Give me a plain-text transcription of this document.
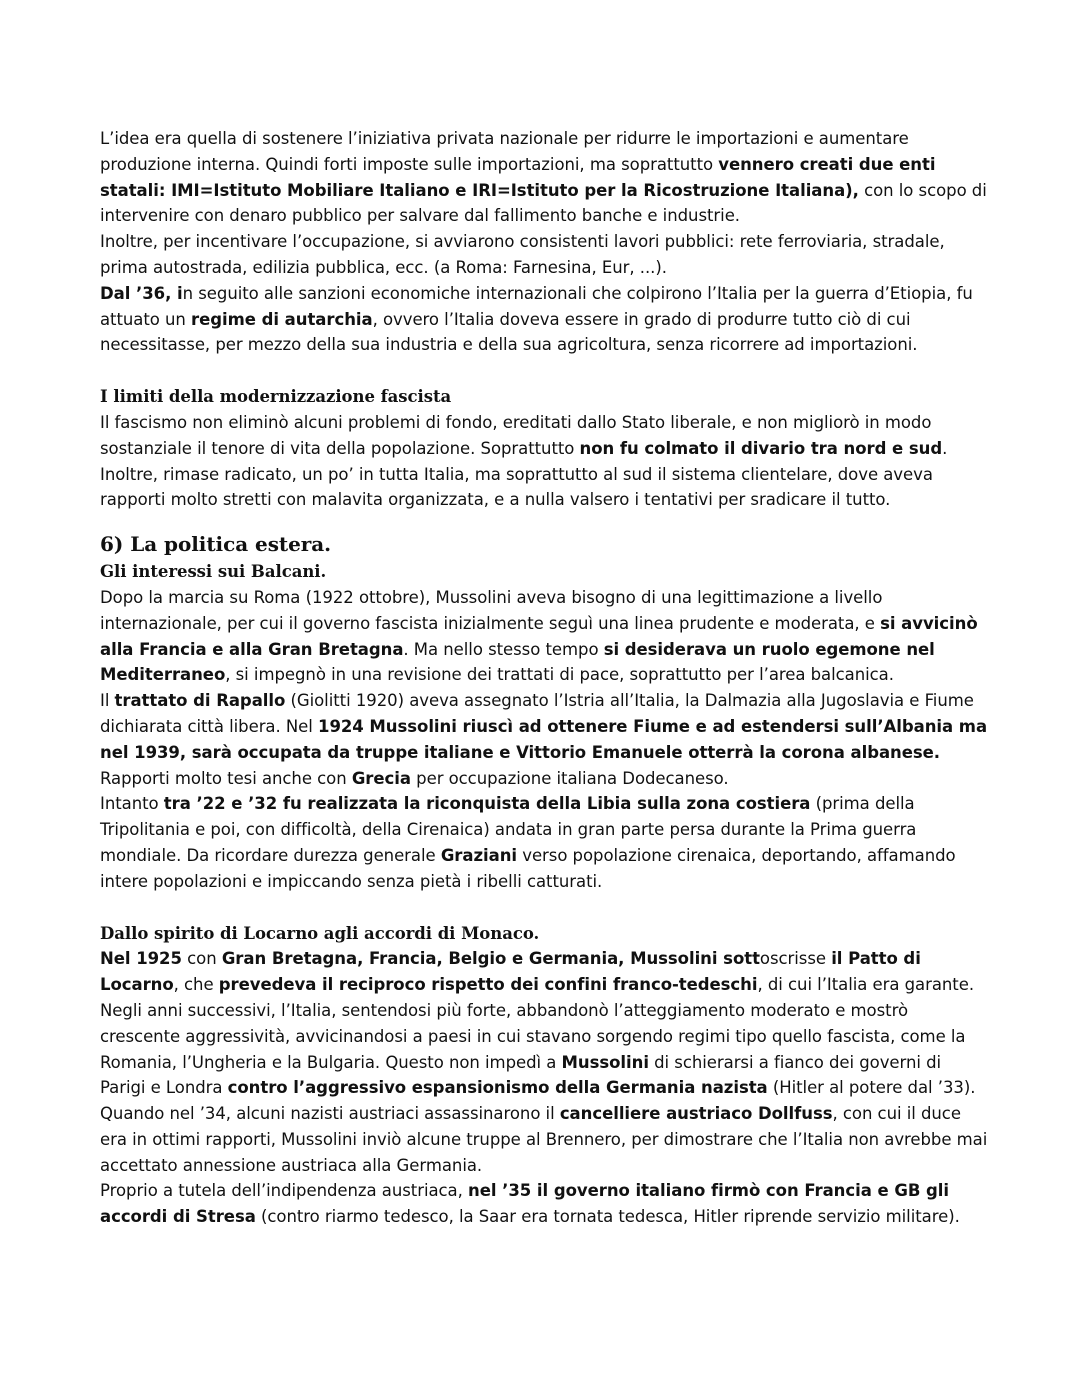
L’idea era quella di sostenere l’iniziativa privata nazionale per ridurre le importazioni e aumentare produzione interna. Quindi forti imposte sulle importazioni, ma soprattutto vennero creati due enti statali: IMI=Istituto Mobiliare Italiano e IRI=Istituto per la Ricostruzione Italiana), con lo scopo di intervenire con denaro pubblico per salvare dal fallimento banche e industrie.

Inoltre, per incentivare l’occupazione, si avviarono consistenti lavori pubblici: rete ferroviaria, stradale, prima autostrada, edilizia pubblica, ecc. (a Roma: Farnesina, Eur, ...).

Dal ’36, in seguito alle sanzioni economiche internazionali che colpirono l’Italia per la guerra d’Etiopia, fu attuato un regime di autarchia, ovvero l’Italia doveva essere in grado di produrre tutto ciò di cui necessitasse, per mezzo della sua industria e della sua agricoltura, senza ricorrere ad importazioni.

I limiti della modernizzazione fascista

Il fascismo non eliminò alcuni problemi di fondo, ereditati dallo Stato liberale, e non migliorò in modo sostanziale il tenore di vita della popolazione. Soprattutto non fu colmato il divario tra nord e sud.

Inoltre, rimase radicato, un po’ in tutta Italia, ma soprattutto al sud il sistema clientelare, dove aveva rapporti molto stretti con malavita organizzata, e a nulla valsero i tentativi per sradicare il tutto.

6) La politica estera.

Gli interessi sui Balcani.

Dopo la marcia su Roma (1922 ottobre), Mussolini aveva bisogno di una legittimazione a livello internazionale, per cui il governo fascista inizialmente seguì una linea prudente e moderata, e si avvicinò alla Francia e alla Gran Bretagna. Ma nello stesso tempo si desiderava un ruolo egemone nel Mediterraneo, si impegnò in una revisione dei trattati di pace, soprattutto per l’area balcanica.

Il trattato di Rapallo (Giolitti 1920) aveva assegnato l’Istria all’Italia, la Dalmazia alla Jugoslavia e Fiume dichiarata città libera. Nel 1924 Mussolini riuscì ad ottenere Fiume e ad estendersi sull’Albania ma nel 1939, sarà occupata da truppe italiane e Vittorio Emanuele otterrà la corona albanese. Rapporti molto tesi anche con Grecia per occupazione italiana Dodecaneso.

Intanto tra ’22 e ’32 fu realizzata la riconquista della Libia sulla zona costiera (prima della Tripolitania e poi, con difficoltà, della Cirenaica) andata in gran parte persa durante la Prima guerra mondiale. Da ricordare durezza generale Graziani verso popolazione cirenaica, deportando, affamando intere popolazioni e impiccando senza pietà i ribelli catturati.

Dallo spirito di Locarno agli accordi di Monaco.

Nel 1925 con Gran Bretagna, Francia, Belgio e Germania, Mussolini sottoscrisse il Patto di Locarno, che prevedeva il reciproco rispetto dei confini franco-tedeschi, di cui l’Italia era garante.

Negli anni successivi, l’Italia, sentendosi più forte, abbandonò l’atteggiamento moderato e mostrò crescente aggressività, avvicinandosi a paesi in cui stavano sorgendo regimi tipo quello fascista, come la Romania, l’Ungheria e la Bulgaria. Questo non impedì a Mussolini di schierarsi a fianco dei governi di Parigi e Londra contro l’aggressivo espansionismo della Germania nazista (Hitler al potere dal ’33).

Quando nel ’34, alcuni nazisti austriaci assassinarono il cancelliere austriaco Dollfuss, con cui il duce era in ottimi rapporti, Mussolini inviò alcune truppe al Brennero, per dimostrare che l’Italia non avrebbe mai accettato annessione austriaca alla Germania.

Proprio a tutela dell’indipendenza austriaca, nel ’35 il governo italiano firmò con Francia e GB gli accordi di Stresa (contro riarmo tedesco, la Saar era tornata tedesca, Hitler riprende servizio militare).
